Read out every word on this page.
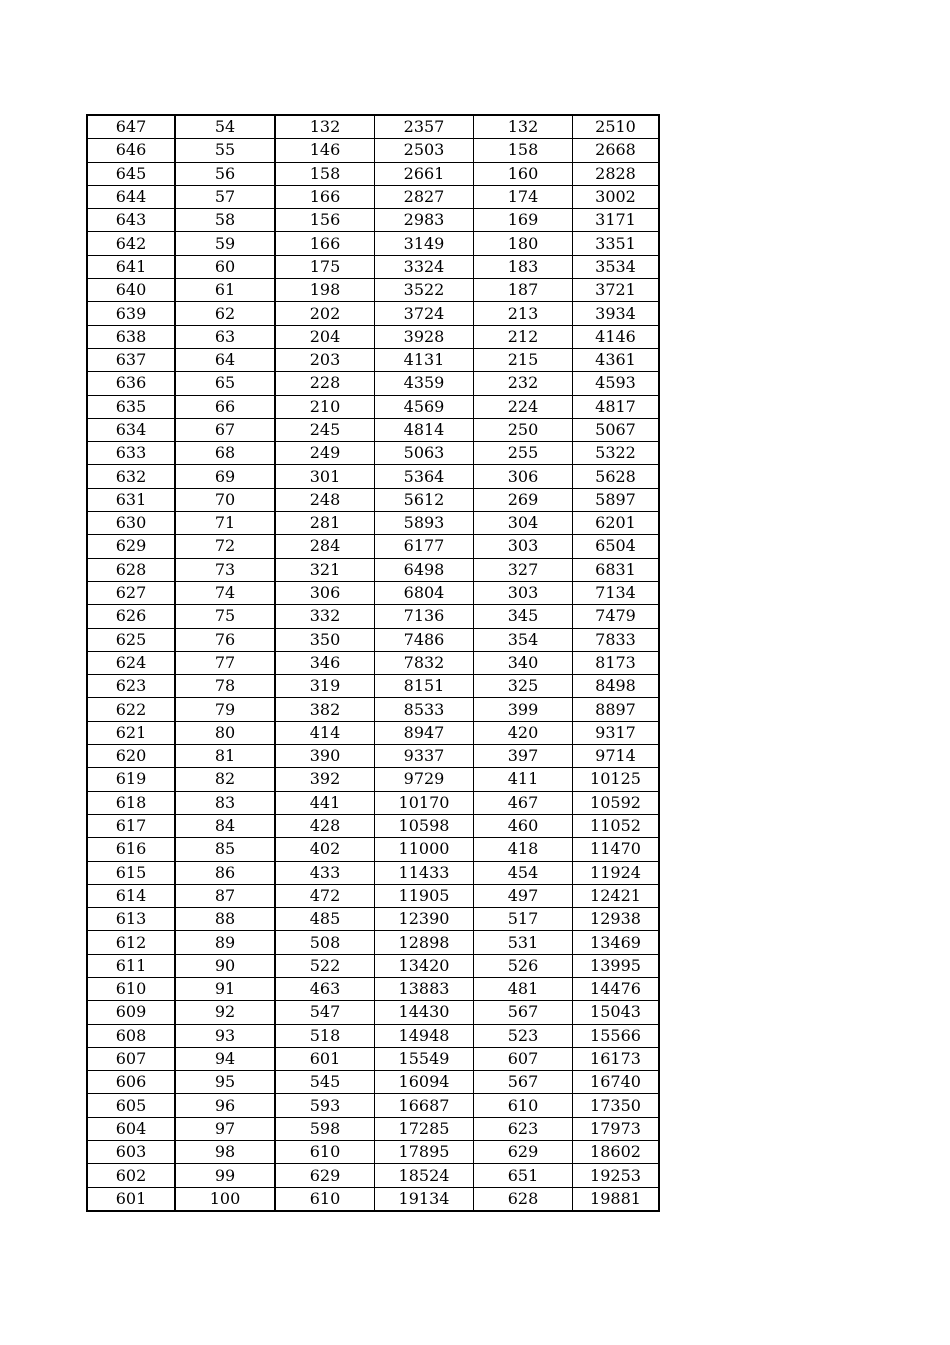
647	54	132	2357	132	2510
646	55	146	2503	158	2668
645	56	158	2661	160	2828
644	57	166	2827	174	3002
643	58	156	2983	169	3171
642	59	166	3149	180	3351
641	60	175	3324	183	3534
640	61	198	3522	187	3721
639	62	202	3724	213	3934
638	63	204	3928	212	4146
637	64	203	4131	215	4361
636	65	228	4359	232	4593
635	66	210	4569	224	4817
634	67	245	4814	250	5067
633	68	249	5063	255	5322
632	69	301	5364	306	5628
631	70	248	5612	269	5897
630	71	281	5893	304	6201
629	72	284	6177	303	6504
628	73	321	6498	327	6831
627	74	306	6804	303	7134
626	75	332	7136	345	7479
625	76	350	7486	354	7833
624	77	346	7832	340	8173
623	78	319	8151	325	8498
622	79	382	8533	399	8897
621	80	414	8947	420	9317
620	81	390	9337	397	9714
619	82	392	9729	411	10125
618	83	441	10170	467	10592
617	84	428	10598	460	11052
616	85	402	11000	418	11470
615	86	433	11433	454	11924
614	87	472	11905	497	12421
613	88	485	12390	517	12938
612	89	508	12898	531	13469
611	90	522	13420	526	13995
610	91	463	13883	481	14476
609	92	547	14430	567	15043
608	93	518	14948	523	15566
607	94	601	15549	607	16173
606	95	545	16094	567	16740
605	96	593	16687	610	17350
604	97	598	17285	623	17973
603	98	610	17895	629	18602
602	99	629	18524	651	19253
601	100	610	19134	628	19881
